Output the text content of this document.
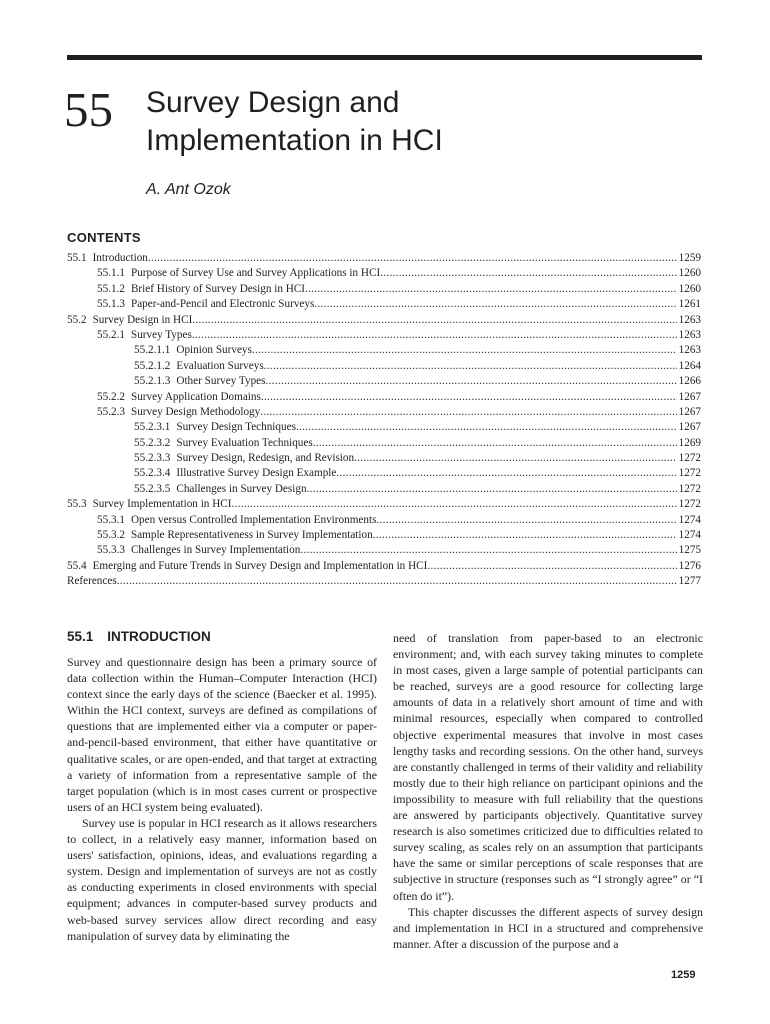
55 Survey Design and
Implementation in HCI
A. Ant Ozok
CONTENTS
55.1 Introduction .....	1259
55.1.1 Purpose of Survey Use and Survey Applications in HCI .....	1260
55.1.2 Brief History of Survey Design in HCI .....	1260
55.1.3 Paper-and-Pencil and Electronic Surveys .....	1261
55.2 Survey Design in HCI .....	1263
55.2.1 Survey Types .....	1263
55.2.1.1 Opinion Surveys .....	1263
55.2.1.2 Evaluation Surveys .....	1264
55.2.1.3 Other Survey Types .....	1266
55.2.2 Survey Application Domains .....	1267
55.2.3 Survey Design Methodology .....	1267
55.2.3.1 Survey Design Techniques .....	1267
55.2.3.2 Survey Evaluation Techniques .....	1269
55.2.3.3 Survey Design, Redesign, and Revision .....	1272
55.2.3.4 Illustrative Survey Design Example .....	1272
55.2.3.5 Challenges in Survey Design .....	1272
55.3 Survey Implementation in HCI .....	1272
55.3.1 Open versus Controlled Implementation Environments .....	1274
55.3.2 Sample Representativeness in Survey Implementation .....	1274
55.3.3 Challenges in Survey Implementation .....	1275
55.4 Emerging and Future Trends in Survey Design and Implementation in HCI .....	1276
References .....	1277
55.1 INTRODUCTION

Survey and questionnaire design has been a primary source of data collection within the Human–Computer Interaction (HCI) context since the early days of the science (Baecker et al. 1995). Within the HCI context, surveys are defined as compilations of questions that are implemented either via a computer or paper-and-pencil-based environment, that either have quantitative or qualitative scales, or are open-ended, and that target at extracting a variety of information from a representative sample of the target population (which is in most cases current or prospective users of an HCI system being evaluated).

Survey use is popular in HCI research as it allows researchers to collect, in a relatively easy manner, information based on users' satisfaction, opinions, ideas, and evaluations regarding a system. Design and implementation of surveys are not as costly as conducting experiments in closed environments with special equipment; advances in computer-based survey products and web-based survey services allow direct recording and easy manipulation of survey data by eliminating the

need of translation from paper-based to an electronic environment; and, with each survey taking minutes to complete in most cases, given a large sample of potential participants can be reached, surveys are a good resource for collecting large amounts of data in a relatively short amount of time and with minimal resources, especially when compared to controlled objective experimental measures that involve in most cases lengthy tasks and recording sessions. On the other hand, surveys are constantly challenged in terms of their validity and reliability mostly due to their high reliance on participant opinions and the impossibility to measure with full reliability that the questions are answered by participants objectively. Quantitative survey research is also sometimes criticized due to difficulties related to survey scaling, as scales rely on an assumption that participants have the same or similar perceptions of scale responses that are subjective in structure (responses such as “I strongly agree” or “I often do it”).

This chapter discusses the different aspects of survey design and implementation in HCI in a structured and comprehensive manner. After a discussion of the purpose and a

1259
